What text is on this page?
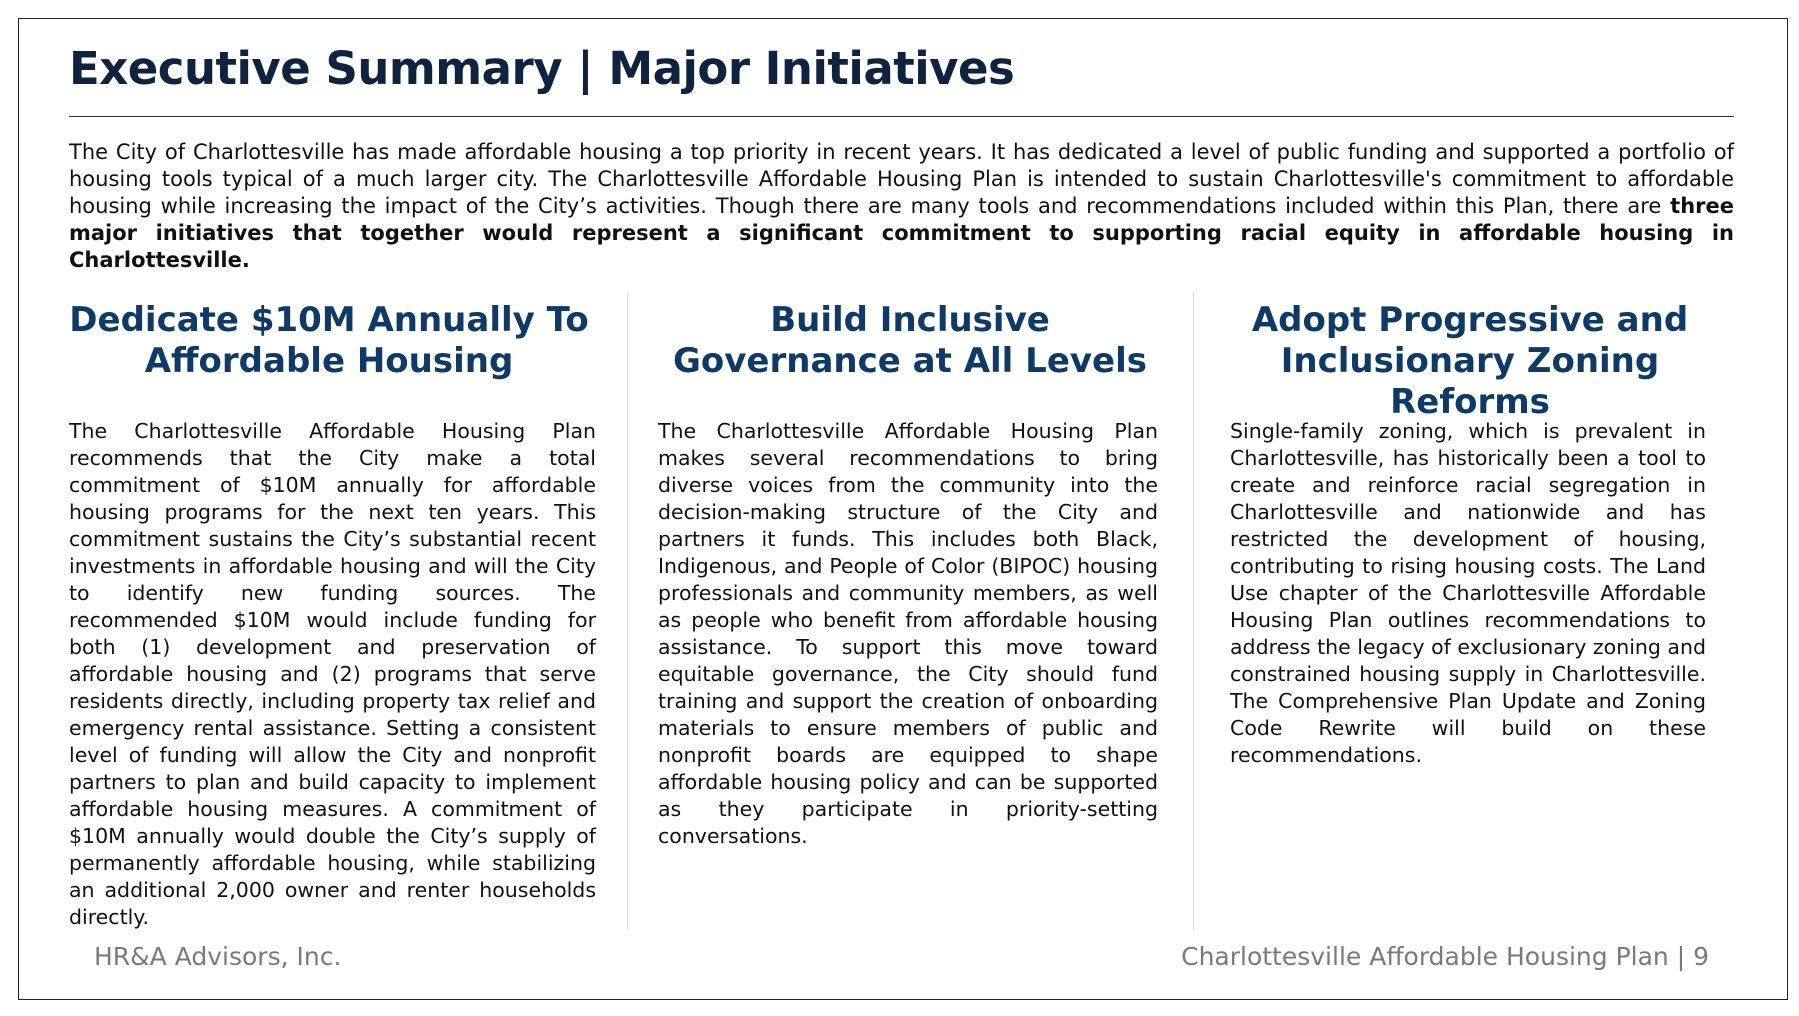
Executive Summary | Major Initiatives

The City of Charlottesville has made affordable housing a top priority in recent years. It has dedicated a level of public funding and supported a portfolio of housing tools typical of a much larger city. The Charlottesville Affordable Housing Plan is intended to sustain Charlottesville's commitment to affordable housing while increasing the impact of the City’s activities. Though there are many tools and recommendations included within this Plan, there are three major initiatives that together would represent a significant commitment to supporting racial equity in affordable housing in Charlottesville.

Dedicate $10M Annually To Affordable Housing

The Charlottesville Affordable Housing Plan recommends that the City make a total commitment of $10M annually for affordable housing programs for the next ten years. This commitment sustains the City’s substantial recent investments in affordable housing and will the City to identify new funding sources. The recommended $10M would include funding for both (1) development and preservation of affordable housing and (2) programs that serve residents directly, including property tax relief and emergency rental assistance. Setting a consistent level of funding will allow the City and nonprofit partners to plan and build capacity to implement affordable housing measures. A commitment of $10M annually would double the City’s supply of permanently affordable housing, while stabilizing an additional 2,000 owner and renter households directly.

Build Inclusive Governance at All Levels

The Charlottesville Affordable Housing Plan makes several recommendations to bring diverse voices from the community into the decision-making structure of the City and partners it funds. This includes both Black, Indigenous, and People of Color (BIPOC) housing professionals and community members, as well as people who benefit from affordable housing assistance. To support this move toward equitable governance, the City should fund training and support the creation of onboarding materials to ensure members of public and nonprofit boards are equipped to shape affordable housing policy and can be supported as they participate in priority-setting conversations.

Adopt Progressive and Inclusionary Zoning Reforms

Single-family zoning, which is prevalent in Charlottesville, has historically been a tool to create and reinforce racial segregation in Charlottesville and nationwide and has restricted the development of housing, contributing to rising housing costs. The Land Use chapter of the Charlottesville Affordable Housing Plan outlines recommendations to address the legacy of exclusionary zoning and constrained housing supply in Charlottesville. The Comprehensive Plan Update and Zoning Code Rewrite will build on these recommendations.

HR&A Advisors, Inc.	Charlottesville Affordable Housing Plan | 9
